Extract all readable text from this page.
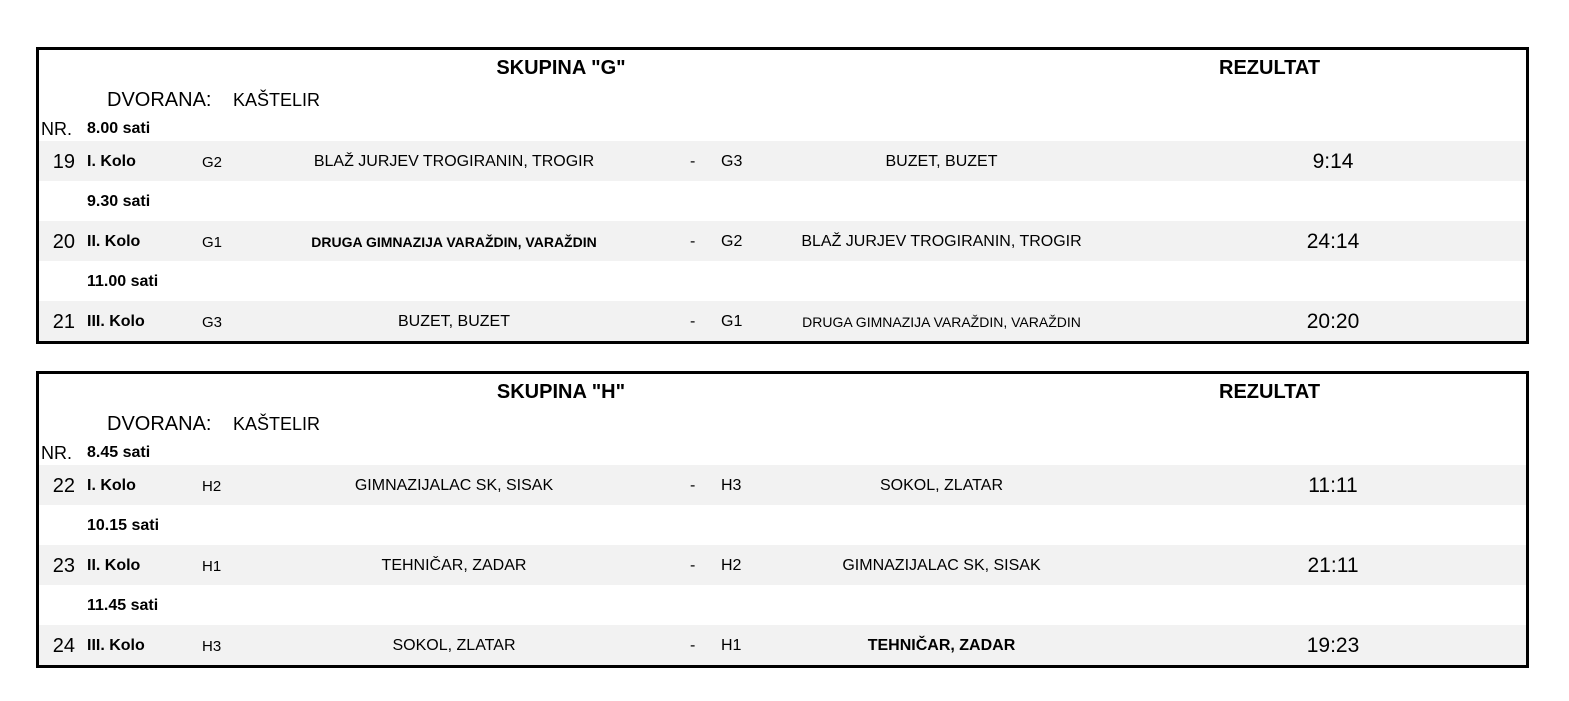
SKUPINA "G"	REZULTAT
DVORANA: KAŠTELIR
NR. 8.00 sati
19 I. Kolo	G2	BLAŽ JURJEV TROGIRANIN, TROGIR	- G3	BUZET, BUZET	9:14
9.30 sati
20 II. Kolo	G1	DRUGA GIMNAZIJA VARAŽDIN, VARAŽDIN	- G2	BLAŽ JURJEV TROGIRANIN, TROGIR	24:14
11.00 sati
21 III. Kolo	G3	BUZET, BUZET	- G1	DRUGA GIMNAZIJA VARAŽDIN, VARAŽDIN	20:20
SKUPINA "H"	REZULTAT
DVORANA: KAŠTELIR
NR. 8.45 sati
22 I. Kolo	H2	GIMNAZIJALAC SK, SISAK	- H3	SOKOL, ZLATAR	11:11
10.15 sati
23 II. Kolo	H1	TEHNIČAR, ZADAR	- H2	GIMNAZIJALAC SK, SISAK	21:11
11.45 sati
24 III. Kolo	H3	SOKOL, ZLATAR	- H1	TEHNIČAR, ZADAR	19:23
